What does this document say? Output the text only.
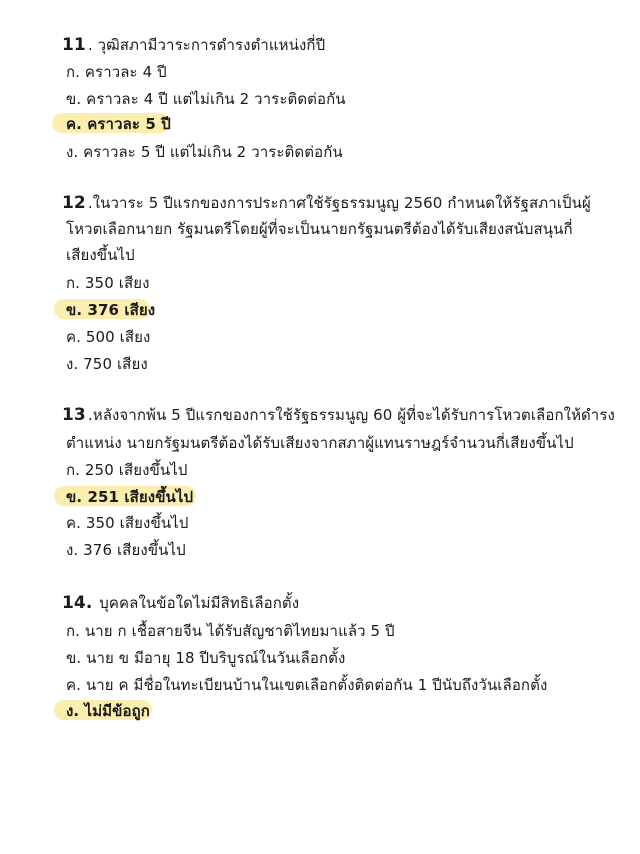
11 . วุฒิสภามีวาระการดำรงตำแหน่งกี่ปี
ก. คราวละ 4 ปี
ข. คราวละ 4 ปี แต่ไม่เกิน 2 วาระติดต่อกัน
ค. คราวละ 5 ปี
ง. คราวละ 5 ปี แต่ไม่เกิน 2 วาระติดต่อกัน
12 .ในวาระ 5 ปีแรกของการประกาศใช้รัฐธรรมนูญ 2560 กำหนดให้รัฐสภาเป็นผู้
โหวตเลือกนายก รัฐมนตรีโดยผู้ที่จะเป็นนายกรัฐมนตรีต้องได้รับเสียงสนับสนุนกี่
เสียงขึ้นไป
ก. 350 เสียง
ข. 376 เสียง
ค. 500 เสียง
ง. 750 เสียง
13 .หลังจากพ้น 5 ปีแรกของการใช้รัฐธรรมนูญ 60 ผู้ที่จะได้รับการโหวตเลือกให้ดำรง
ตำแหน่ง นายกรัฐมนตรีต้องได้รับเสียงจากสภาผู้แทนราษฎร์จำนวนกี่เสียงขึ้นไป
ก. 250 เสียงขึ้นไป
ข. 251 เสียงขึ้นไป
ค. 350 เสียงขึ้นไป
ง. 376 เสียงขึ้นไป
14. บุคคลในข้อใดไม่มีสิทธิเลือกตั้ง
ก. นาย ก เชื้อสายจีน ได้รับสัญชาติไทยมาแล้ว 5 ปี
ข. นาย ข มีอายุ 18 ปีบริบูรณ์ในวันเลือกตั้ง
ค. นาย ค มีชื่อในทะเบียนบ้านในเขตเลือกตั้งติดต่อกัน 1 ปีนับถึงวันเลือกตั้ง
ง. ไม่มีข้อถูก
